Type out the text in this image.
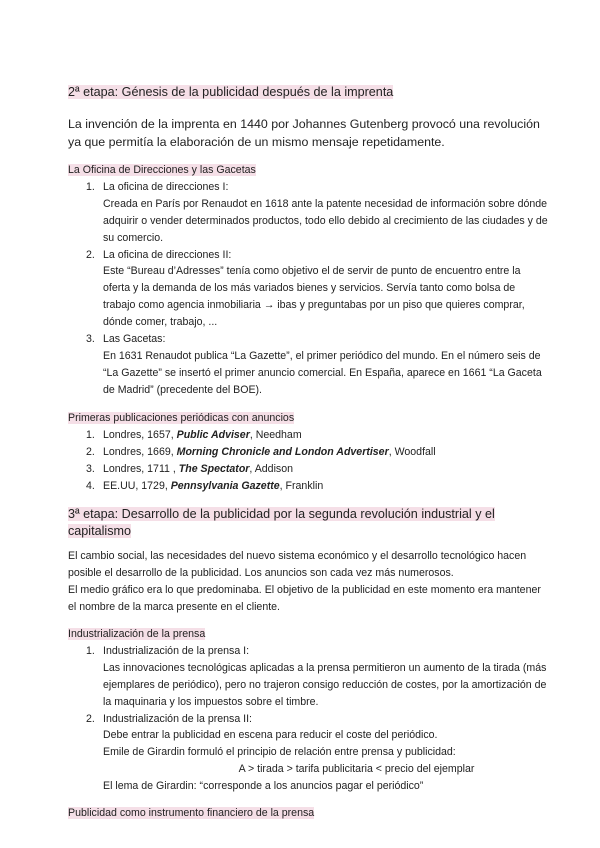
2ª etapa: Génesis de la publicidad después de la imprenta
La invención de la imprenta en 1440 por Johannes Gutenberg provocó una revolución ya que permitía la elaboración de un mismo mensaje repetidamente.
La Oficina de Direcciones y las Gacetas
1. La oficina de direcciones I:
Creada en París por Renaudot en 1618 ante la patente necesidad de información sobre dónde adquirir o vender determinados productos, todo ello debido al crecimiento de las ciudades y de su comercio.
2. La oficina de direcciones II:
Este “Bureau d’Adresses” tenía como objetivo el de servir de punto de encuentro entre la oferta y la demanda de los más variados bienes y servicios. Servía tanto como bolsa de trabajo como agencia inmobiliaria → ibas y preguntabas por un piso que quieres comprar, dónde comer, trabajo, ...
3. Las Gacetas:
En 1631 Renaudot publica “La Gazette”, el primer periódico del mundo. En el número seis de “La Gazette” se insertó el primer anuncio comercial. En España, aparece en 1661 “La Gaceta de Madrid” (precedente del BOE).
Primeras publicaciones periódicas con anuncios
1. Londres, 1657, Public Adviser, Needham
2. Londres, 1669, Morning Chronicle and London Advertiser, Woodfall
3. Londres, 1711 , The Spectator, Addison
4. EE.UU, 1729, Pennsylvania Gazette, Franklin
3ª etapa: Desarrollo de la publicidad por la segunda revolución industrial y el
capitalismo
El cambio social, las necesidades del nuevo sistema económico y el desarrollo tecnológico hacen posible el desarrollo de la publicidad. Los anuncios son cada vez más numerosos.
El medio gráfico era lo que predominaba. El objetivo de la publicidad en este momento era mantener el nombre de la marca presente en el cliente.
Industrialización de la prensa
1. Industrialización de la prensa I:
Las innovaciones tecnológicas aplicadas a la prensa permitieron un aumento de la tirada (más ejemplares de periódico), pero no trajeron consigo reducción de costes, por la amortización de la maquinaria y los impuestos sobre el timbre.
2. Industrialización de la prensa II:
Debe entrar la publicidad en escena para reducir el coste del periódico.
Emile de Girardin formuló el principio de relación entre prensa y publicidad:
A > tirada > tarifa publicitaria < precio del ejemplar
El lema de Girardin: “corresponde a los anuncios pagar el periódico”
Publicidad como instrumento financiero de la prensa
